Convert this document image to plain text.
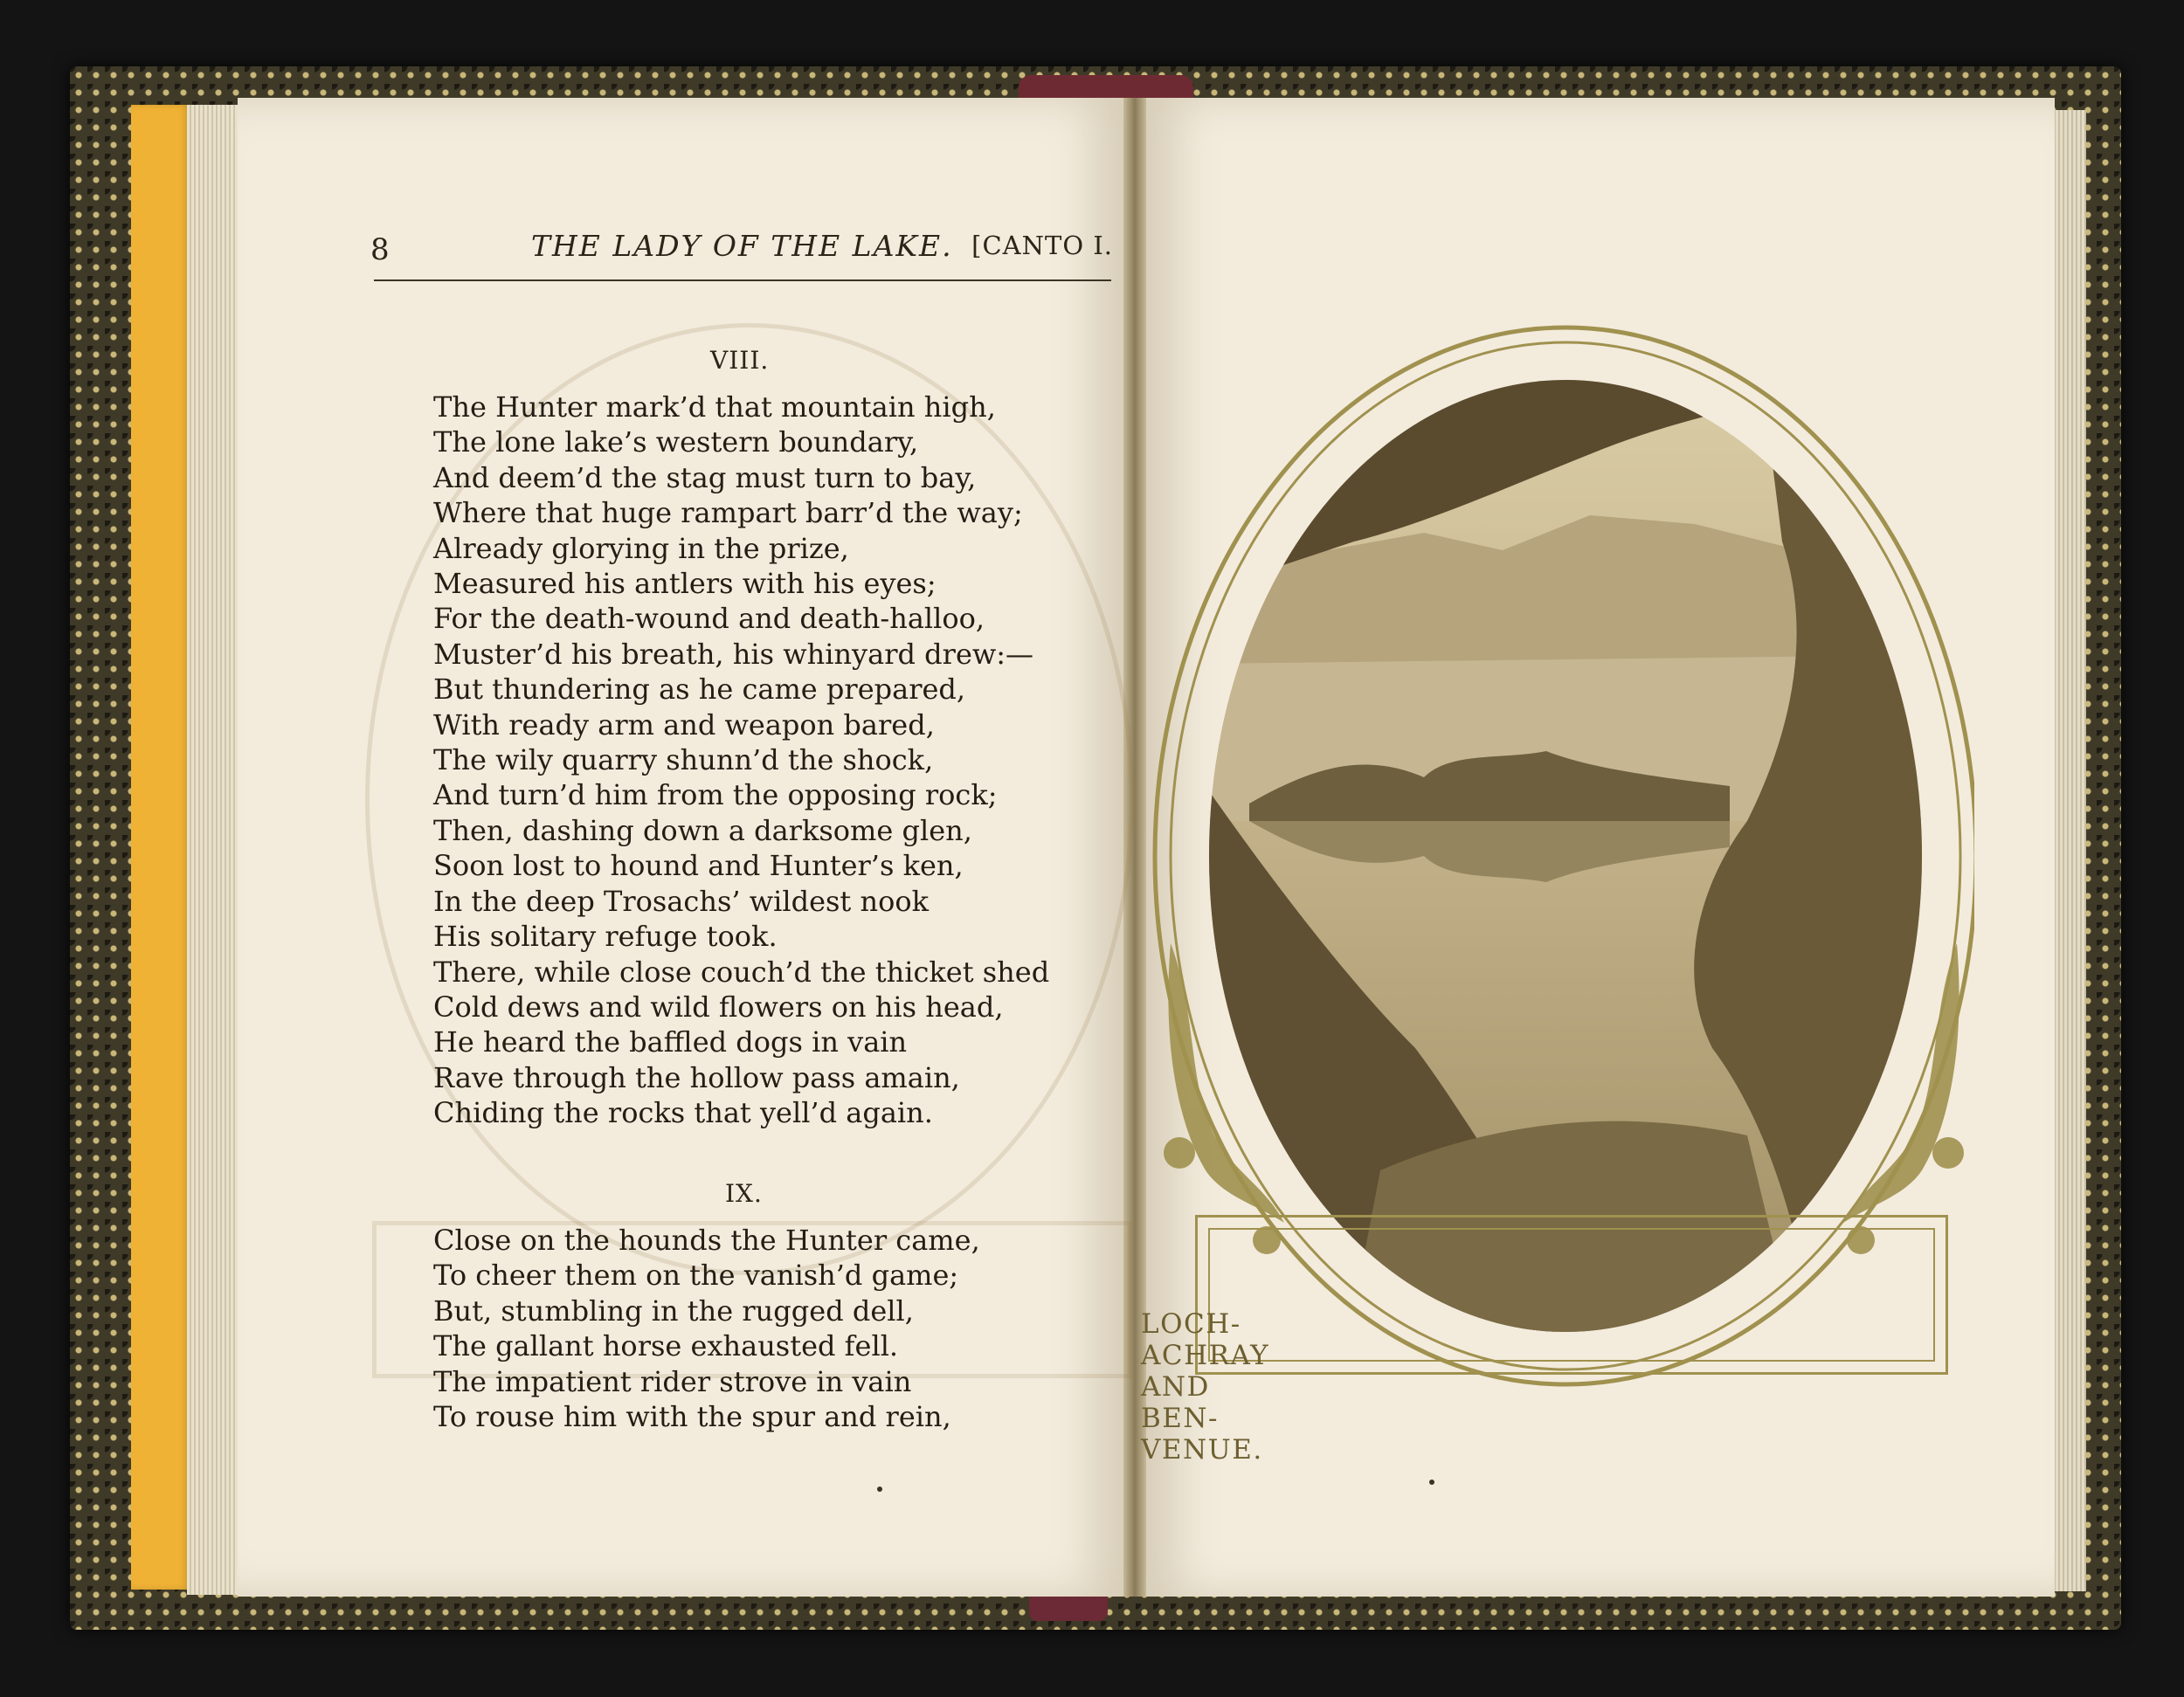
8	THE LADY OF THE LAKE. [CANTO I.
VIII.
The Hunter mark’d that mountain high,
The lone lake’s western boundary,
And deem’d the stag must turn to bay,
Where that huge rampart barr’d the way;
Already glorying in the prize,
Measured his antlers with his eyes;
For the death-wound and death-halloo,
Muster’d his breath, his whinyard drew:—
But thundering as he came prepared,
With ready arm and weapon bared,
The wily quarry shunn’d the shock,
And turn’d him from the opposing rock;
Then, dashing down a darksome glen,
Soon lost to hound and Hunter’s ken,
In the deep Trosachs’ wildest nook
His solitary refuge took.
There, while close couch’d the thicket shed
Cold dews and wild flowers on his head,
He heard the baffled dogs in vain
Rave through the hollow pass amain,
Chiding the rocks that yell’d again.
IX.
Close on the hounds the Hunter came,
To cheer them on the vanish’d game;
But, stumbling in the rugged dell,
The gallant horse exhausted fell.
The impatient rider strove in vain
To rouse him with the spur and rein,
LOCH-ACHRAY AND BEN-VENUE.
